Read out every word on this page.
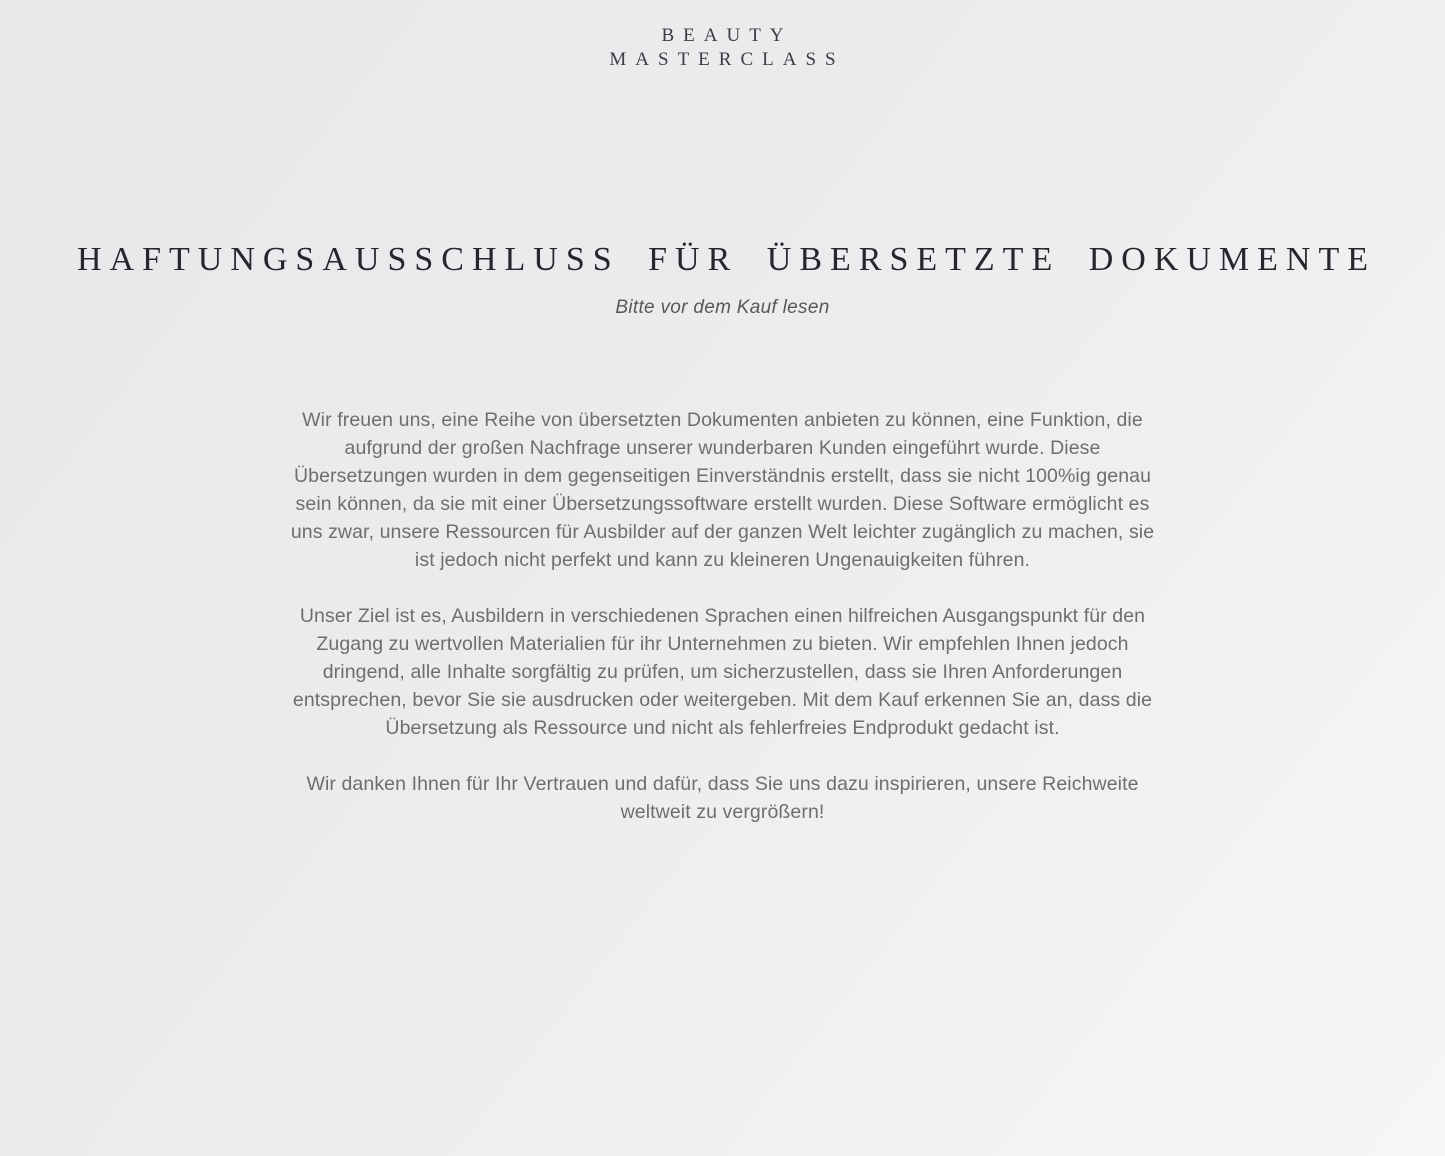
BEAUTY
MASTERCLASS
HAFTUNGSAUSSCHLUSS FÜR ÜBERSETZTE DOKUMENTE

Bitte vor dem Kauf lesen

Wir freuen uns, eine Reihe von übersetzten Dokumenten anbieten zu können, eine Funktion, die aufgrund der großen Nachfrage unserer wunderbaren Kunden eingeführt wurde. Diese Übersetzungen wurden in dem gegenseitigen Einverständnis erstellt, dass sie nicht 100%ig genau sein können, da sie mit einer Übersetzungssoftware erstellt wurden. Diese Software ermöglicht es uns zwar, unsere Ressourcen für Ausbilder auf der ganzen Welt leichter zugänglich zu machen, sie ist jedoch nicht perfekt und kann zu kleineren Ungenauigkeiten führen.

Unser Ziel ist es, Ausbildern in verschiedenen Sprachen einen hilfreichen Ausgangspunkt für den Zugang zu wertvollen Materialien für ihr Unternehmen zu bieten. Wir empfehlen Ihnen jedoch dringend, alle Inhalte sorgfältig zu prüfen, um sicherzustellen, dass sie Ihren Anforderungen entsprechen, bevor Sie sie ausdrucken oder weitergeben. Mit dem Kauf erkennen Sie an, dass die Übersetzung als Ressource und nicht als fehlerfreies Endprodukt gedacht ist.

Wir danken Ihnen für Ihr Vertrauen und dafür, dass Sie uns dazu inspirieren, unsere Reichweite weltweit zu vergrößern!
